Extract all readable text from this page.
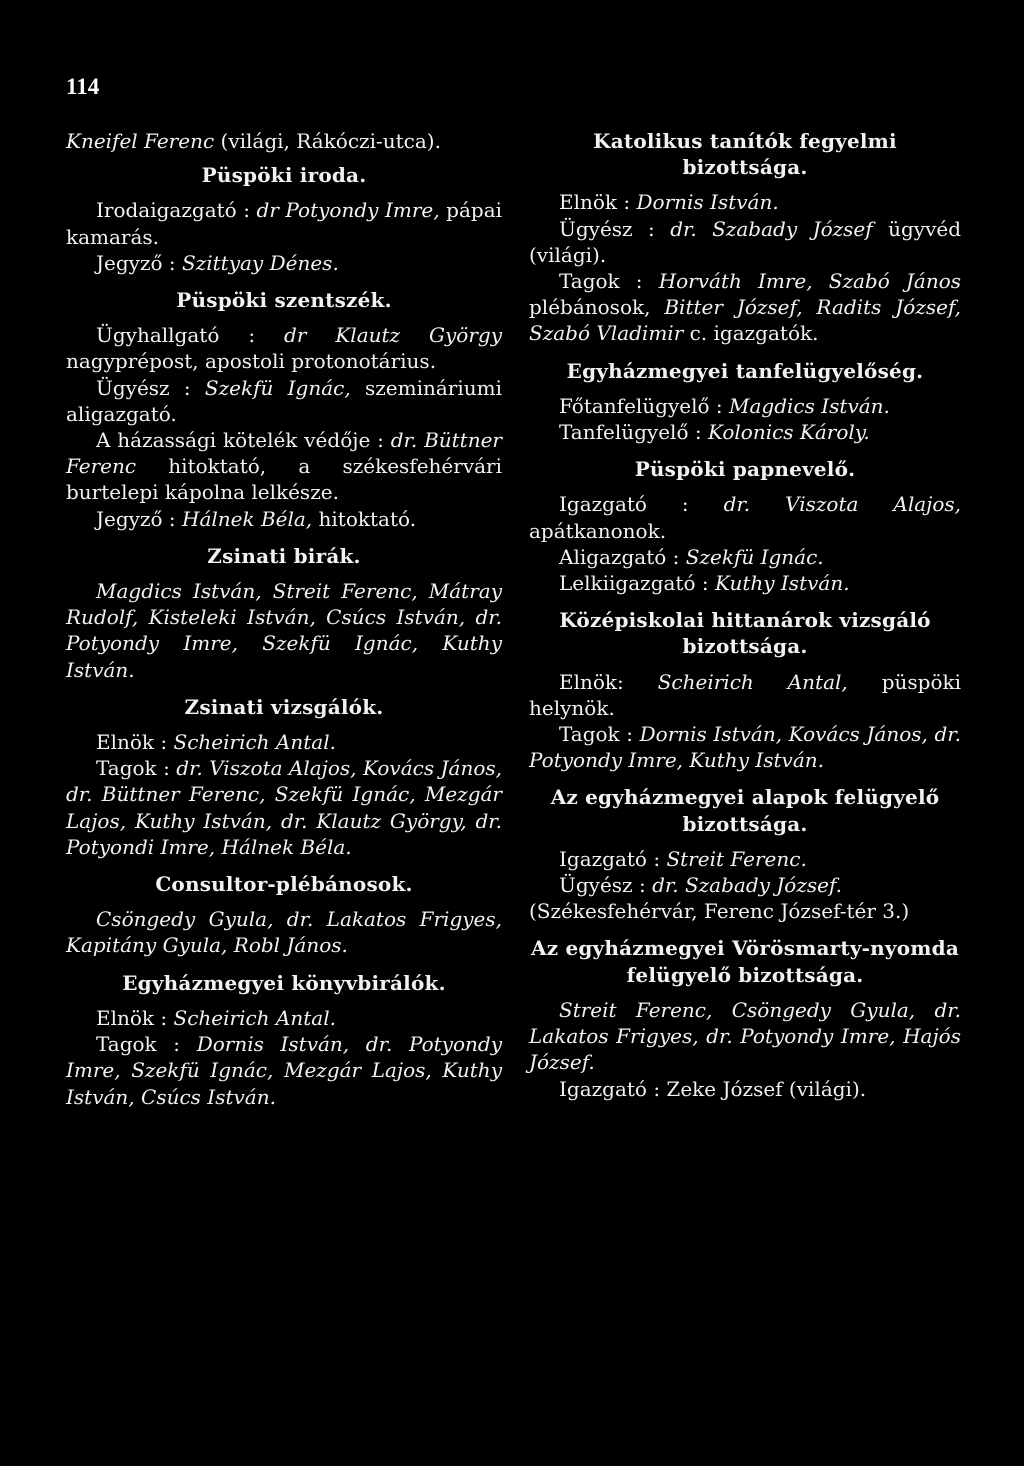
114

Kneifel Ferenc (világi, Rákóczi-utca).

Püspöki iroda.

Irodaigazgató : dr Potyondy Imre, pápai kamarás.

Jegyző : Szittyay Dénes.

Püspöki szentszék.

Ügyhallgató : dr Klautz György nagyprépost, apostoli protonotárius.

Ügyész : Szekfü Ignác, szemináriumi aligazgató.

A házassági kötelék védője : dr. Büttner Ferenc hitoktató, a székesfehérvári burtelepi kápolna lelkésze.

Jegyző : Hálnek Béla, hitoktató.

Zsinati birák.

Magdics István, Streit Ferenc, Mátray Rudolf, Kisteleki István, Csúcs István, dr. Potyondy Imre, Szekfü Ignác, Kuthy István.

Zsinati vizsgálók.

Elnök : Scheirich Antal.

Tagok : dr. Viszota Alajos, Kovács János, dr. Büttner Ferenc, Szekfü Ignác, Mezgár Lajos, Kuthy István, dr. Klautz György, dr. Potyondi Imre, Hálnek Béla.

Consultor-plébánosok.

Csöngedy Gyula, dr. Lakatos Frigyes, Kapitány Gyula, Robl János.

Egyházmegyei könyvbirálók.

Elnök : Scheirich Antal.

Tagok : Dornis István, dr. Potyondy Imre, Szekfü Ignác, Mezgár Lajos, Kuthy István, Csúcs István.

Katolikus tanítók fegyelmi bizottsága.

Elnök : Dornis István.

Ügyész : dr. Szabady József ügyvéd (világi).

Tagok : Horváth Imre, Szabó János plébánosok, Bitter József, Radits József, Szabó Vladimir c. igazgatók.

Egyházmegyei tanfelügyelőség.

Főtanfelügyelő : Magdics István.

Tanfelügyelő : Kolonics Károly.

Püspöki papnevelő.

Igazgató : dr. Viszota Alajos, apátkanonok.

Aligazgató : Szekfü Ignác.

Lelkiigazgató : Kuthy István.

Középiskolai hittanárok vizsgáló bizottsága.

Elnök: Scheirich Antal, püspöki helynök.

Tagok : Dornis István, Kovács János, dr. Potyondy Imre, Kuthy István.

Az egyházmegyei alapok felügyelő bizottsága.

Igazgató : Streit Ferenc.

Ügyész : dr. Szabady József.

(Székesfehérvár, Ferenc József-tér 3.)

Az egyházmegyei Vörösmarty-nyomda felügyelő bizottsága.

Streit Ferenc, Csöngedy Gyula, dr. Lakatos Frigyes, dr. Potyondy Imre, Hajós József.

Igazgató : Zeke József (világi).
